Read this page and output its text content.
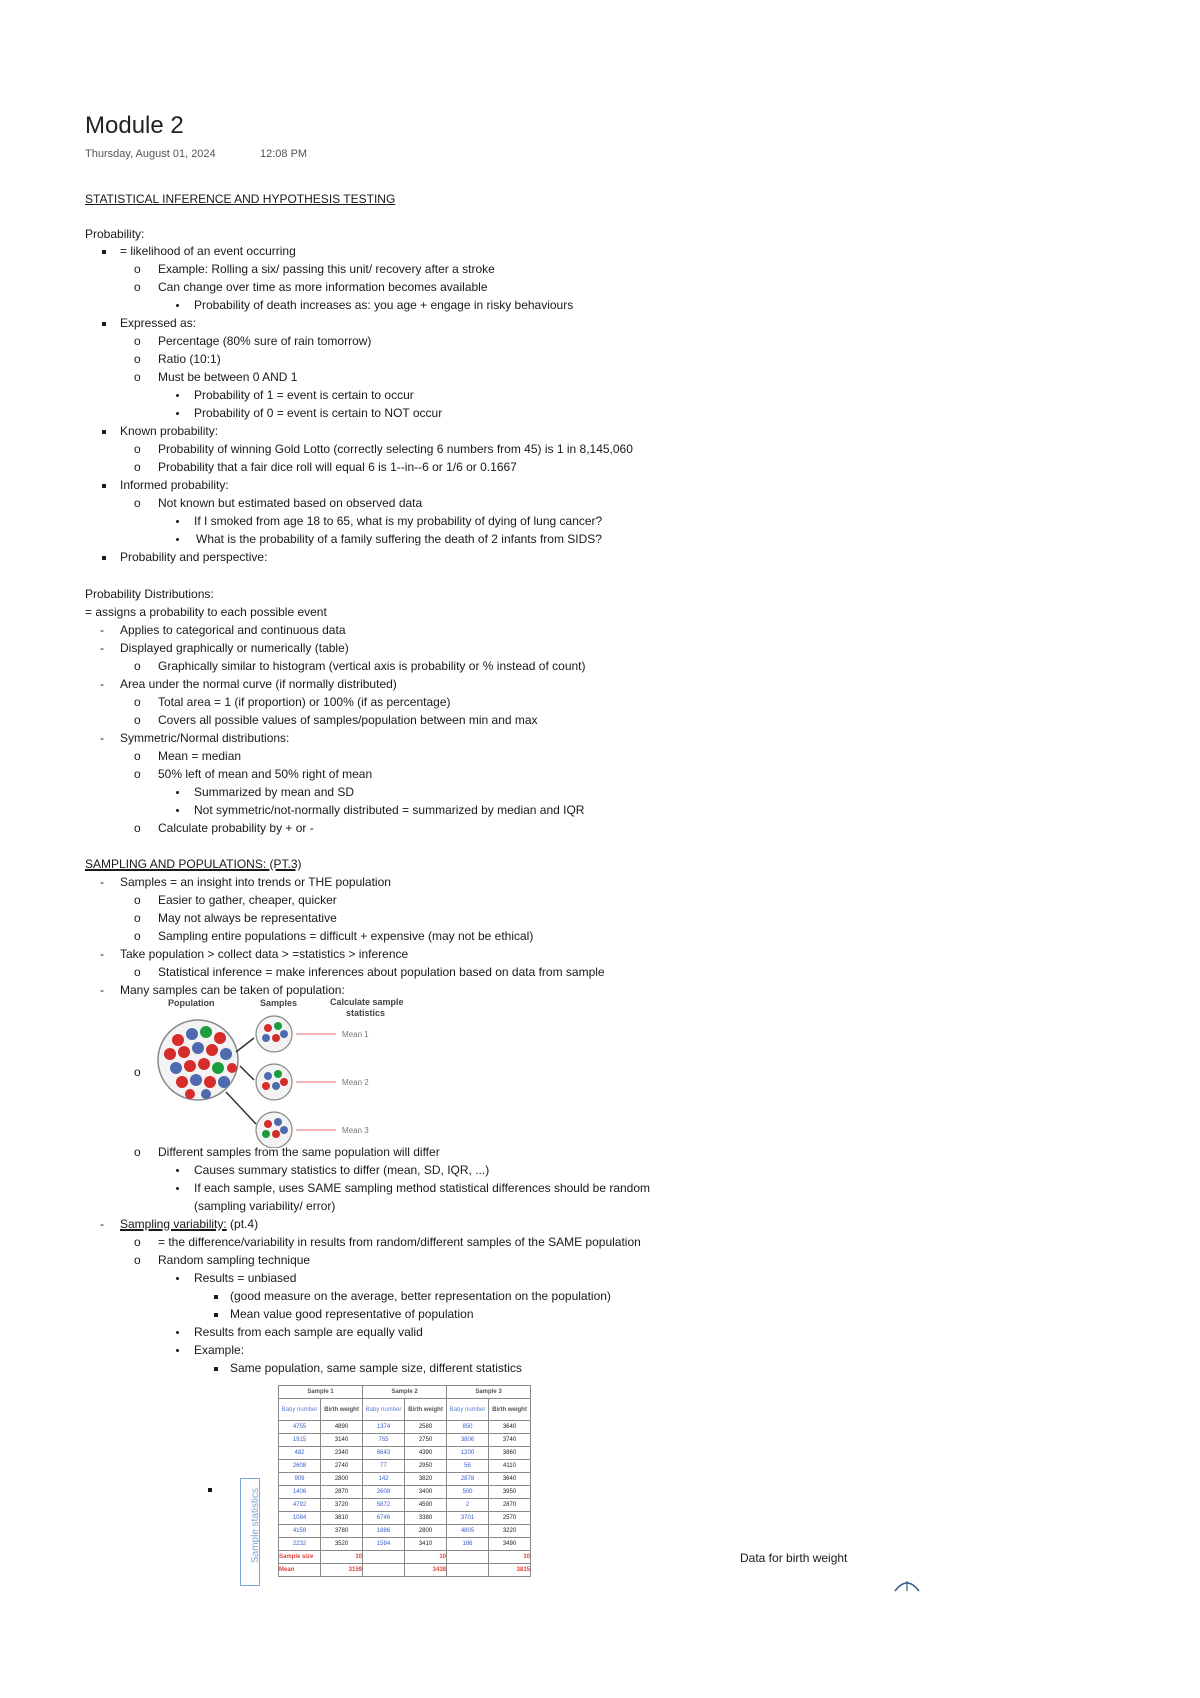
Module 2
Thursday, August 01, 2024	12:08 PM
STATISTICAL INFERENCE AND HYPOTHESIS TESTING
Probability:
= likelihood of an event occurring
o Example: Rolling a six/ passing this unit/ recovery after a stroke
o Can change over time as more information becomes available
Probability of death increases as: you age + engage in risky behaviours
Expressed as:
o Percentage (80% sure of rain tomorrow)
o Ratio (10:1)
o Must be between 0 AND 1
Probability of 1 = event is certain to occur
Probability of 0 = event is certain to NOT occur
Known probability:
o Probability of winning Gold Lotto (correctly selecting 6 numbers from 45) is 1 in 8,145,060
o Probability that a fair dice roll will equal 6 is 1--in--6 or 1/6 or 0.1667
Informed probability:
o Not known but estimated based on observed data
If I smoked from age 18 to 65, what is my probability of dying of lung cancer?
What is the probability of a family suffering the death of 2 infants from SIDS?
Probability and perspective:
Probability Distributions:
= assigns a probability to each possible event
- Applies to categorical and continuous data
- Displayed graphically or numerically (table)
o Graphically similar to histogram (vertical axis is probability or % instead of count)
- Area under the normal curve (if normally distributed)
o Total area = 1 (if proportion) or 100% (if as percentage)
o Covers all possible values of samples/population between min and max
- Symmetric/Normal distributions:
o Mean = median
o 50% left of mean and 50% right of mean
Summarized by mean and SD
Not symmetric/not-normally distributed = summarized by median and IQR
o Calculate probability by + or -
SAMPLING AND POPULATIONS: (PT.3)
- Samples = an insight into trends or THE population
o Easier to gather, cheaper, quicker
o May not always be representative
o Sampling entire populations = difficult + expensive (may not be ethical)
- Take population > collect data > =statistics > inference
o Statistical inference = make inferences about population based on data from sample
- Many samples can be taken of population:
o
Population	Samples	Calculate sample
statistics
Mean 1
Mean 2
Mean 3
o Different samples from the same population will differ
Causes summary statistics to differ (mean, SD, IQR, ...)
If each sample, uses SAME sampling method statistical differences should be random
(sampling variability/ error)
- Sampling variability: (pt.4)
o = the difference/variability in results from random/different samples of the SAME population
o Random sampling technique
Results = unbiased
(good measure on the average, better representation on the population)
Mean value good representative of population
Results from each sample are equally valid
Example:
Same population, same sample size, different statistics
Sample statistics
Sample 1		Sample 2		Sample 3	
Baby number	Birth weight	Baby number	Birth weight	Baby number	Birth weight
4755	4890	1374	2580	850	3640
1915	3140	755	2750	3806	3740
482	2340	6643	4390	1200	3860
2608	2740	77	2950	56	4110
909	2800	142	3820	2878	3640
1406	2870	2608	3400	500	3950
4792	3720	5872	4590	2	2870
1084	3810	6746	3380	3701	2570
4158	3780	1886	2800	4805	3220
2232	3520	1584	3410	186	3490
Sample size	10		10		10
Mean	3159		3438		3815
Data for birth weight
